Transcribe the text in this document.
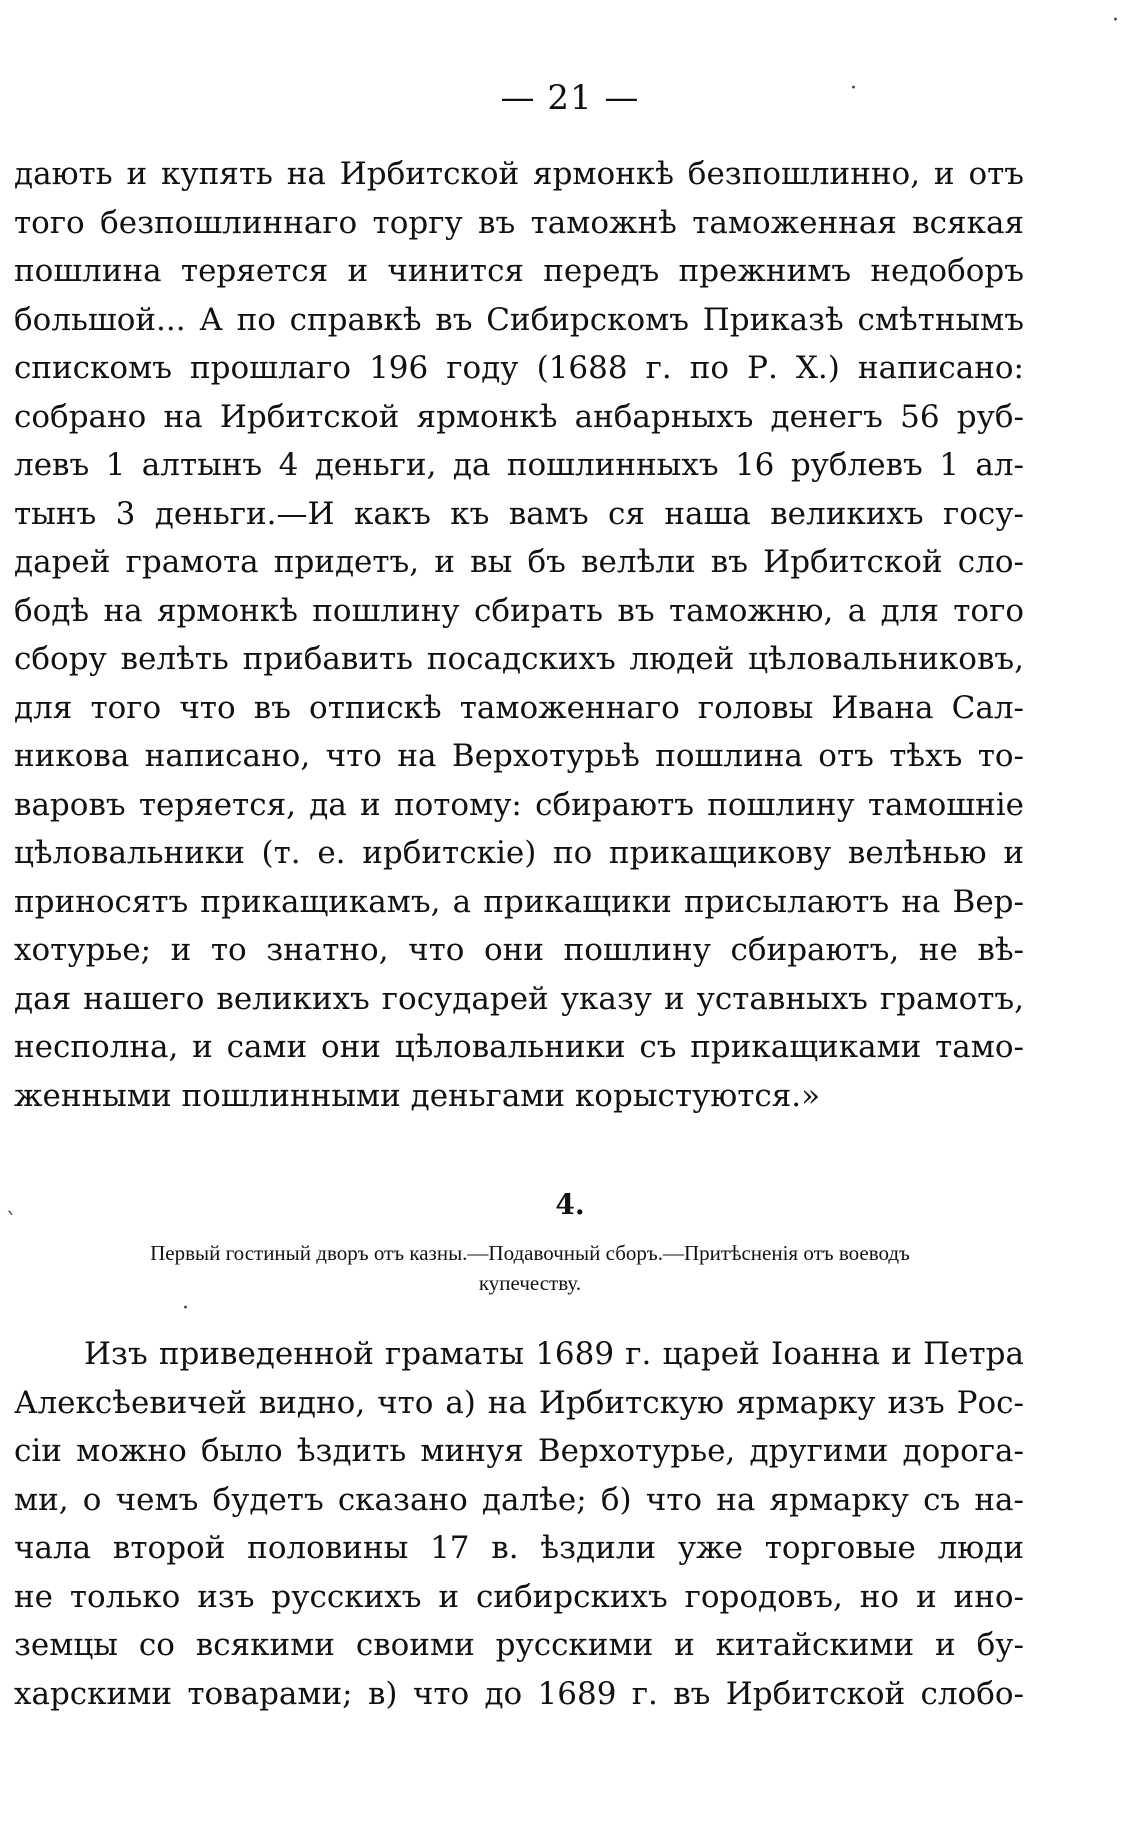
— 21 —
дають и купять на Ирбитской ярмонкѣ безпошлинно, и отъ
того безпошлиннаго торгу въ таможнѣ таможенная всякая
пошлина теряется и чинится передъ прежнимъ недоборъ
большой... А по справкѣ въ Сибирскомъ Приказѣ смѣтнымъ
спискомъ прошлаго 196 году (1688 г. по Р. Х.) написано:
собрано на Ирбитской ярмонкѣ анбарныхъ денегъ 56 руб-
левъ 1 алтынъ 4 деньги, да пошлинныхъ 16 рублевъ 1 ал-
тынъ 3 деньги.—И какъ къ вамъ ся наша великихъ госу-
дарей грамота придетъ, и вы бъ велѣли въ Ирбитской сло-
бодѣ на ярмонкѣ пошлину сбирать въ таможню, а для того
сбору велѣть прибавить посадскихъ людей цѣловальниковъ,
для того что въ отпискѣ таможеннаго головы Ивана Сал-
никова написано, что на Верхотурьѣ пошлина отъ тѣхъ то-
варовъ теряется, да и потому: сбираютъ пошлину тамошніе
цѣловальники (т. е. ирбитскіе) по прикащикову велѣнью и
приносятъ прикащикамъ, а прикащики присылаютъ на Вер-
хотурье; и то знатно, что они пошлину сбираютъ, не вѣ-
дая нашего великихъ государей указу и уставныхъ грамотъ,
несполна, и сами они цѣловальники съ прикащиками тамо-
женными пошлинными деньгами корыстуются.»
4.
Первый гостиный дворъ отъ казны.—Подавочный сборъ.—Притѣсненія отъ воеводъ
купечеству.
Изъ приведенной граматы 1689 г. царей Іоанна и Петра
Алексѣевичей видно, что а) на Ирбитскую ярмарку изъ Рос-
сіи можно было ѣздить минуя Верхотурье, другими дорога-
ми, о чемъ будетъ сказано далѣе; б) что на ярмарку съ на-
чала второй половины 17 в. ѣздили уже торговые люди
не только изъ русскихъ и сибирскихъ городовъ, но и ино-
земцы со всякими своими русскими и китайскими и бу-
харскими товарами; в) что до 1689 г. въ Ирбитской слобо-
·
·
ˋ
·
